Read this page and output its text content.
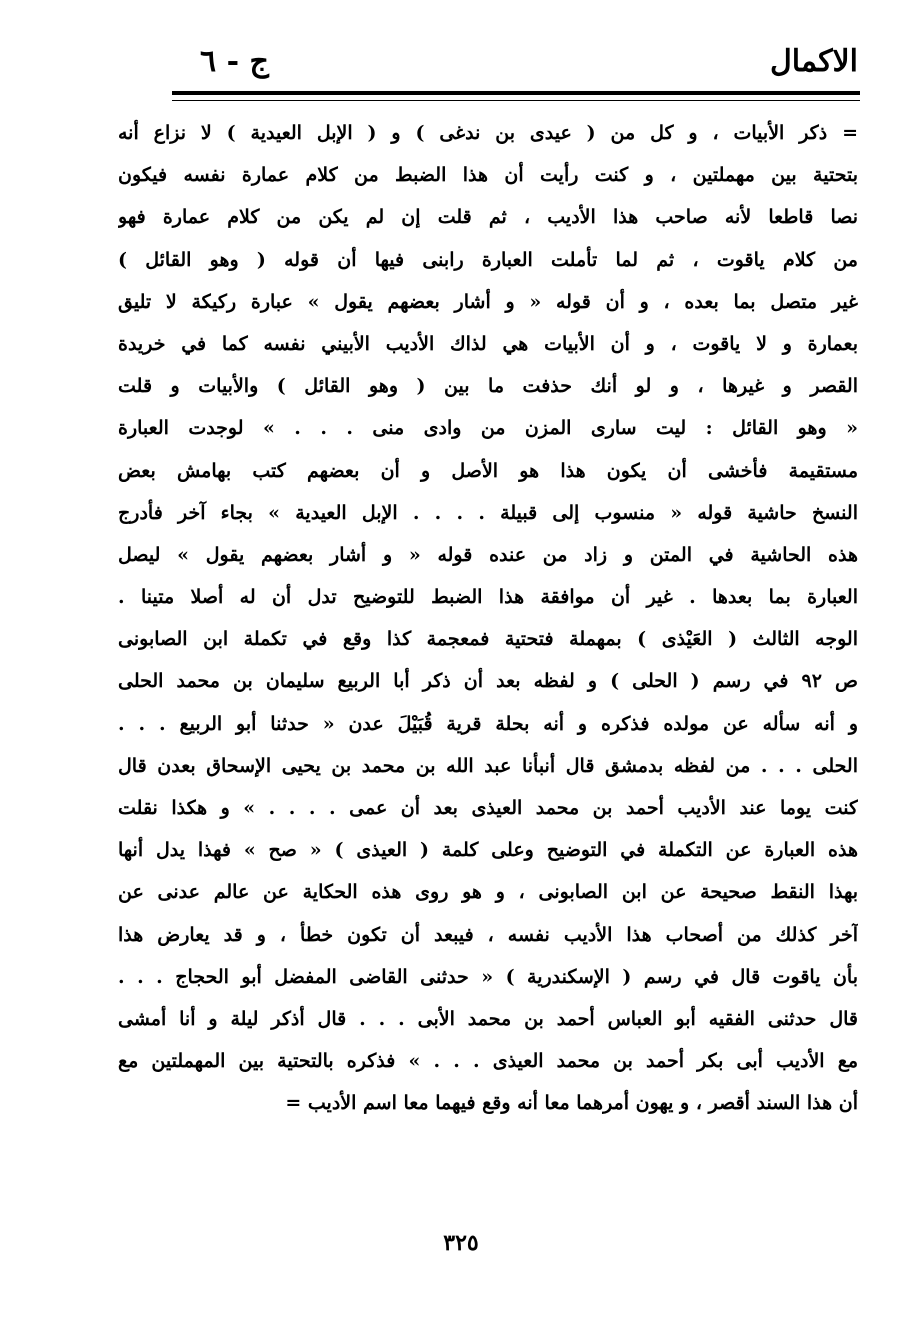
الاكمال
ج - ٦
= ذكر الأبيات ، و كل من ( عيدى بن ندغى ) و ( الإبل العيدية ) لا نزاع أنه
بتحتية بين مهملتين ، و كنت رأيت أن هذا الضبط من كلام عمارة نفسه فيكون
نصا قاطعا لأنه صاحب هذا الأديب ، ثم قلت إن لم يكن من كلام عمارة فهو
من كلام ياقوت ، ثم لما تأملت العبارة رابنى فيها أن قوله ( وهو القائل )
غير متصل بما بعده ، و أن قوله « و أشار بعضهم يقول » عبارة ركيكة لا تليق
بعمارة و لا ياقوت ، و أن الأبيات هي لذاك الأديب الأبيني نفسه كما في خريدة
القصر و غيرها ، و لو أنك حذفت ما بين ( وهو القائل ) والأبيات و قلت
« وهو القائل : ليت سارى المزن من وادى منى . . . » لوجدت العبارة
مستقيمة فأخشى أن يكون هذا هو الأصل و أن بعضهم كتب بهامش بعض
النسخ حاشية قوله « منسوب إلى قبيلة . . . . الإبل العيدية » بجاء آخر فأدرج
هذه الحاشية في المتن و زاد من عنده قوله « و أشار بعضهم يقول » ليصل
العبارة بما بعدها . غير أن موافقة هذا الضبط للتوضيح تدل أن له أصلا متينا .
الوجه الثالث ( العَيْذى ) بمهملة فتحتية فمعجمة كذا وقع في تكملة ابن الصابونى
ص ٩٢ في رسم ( الحلى ) و لفظه بعد أن ذكر أبا الربيع سليمان بن محمد الحلى
و أنه سأله عن مولده فذكره و أنه بحلة قرية قُبَيْلَ عدن « حدثنا أبو الربيع . . .
الحلى . . . من لفظه بدمشق قال أنبأنا عبد الله بن محمد بن يحيى الإسحاق بعدن قال
كنت يوما عند الأديب أحمد بن محمد العيذى بعد أن عمى . . . . » و هكذا نقلت
هذه العبارة عن التكملة في التوضيح وعلى كلمة ( العيذى ) « صح » فهذا يدل أنها
بهذا النقط صحيحة عن ابن الصابونى ، و هو روى هذه الحكاية عن عالم عدنى عن
آخر كذلك من أصحاب هذا الأديب نفسه ، فيبعد أن تكون خطأ ، و قد يعارض هذا
بأن ياقوت قال في رسم ( الإسكندرية ) « حدثنى القاضى المفضل أبو الحجاج . . .
قال حدثنى الفقيه أبو العباس أحمد بن محمد الأبى . . . قال أذكر ليلة و أنا أمشى
مع الأديب أبى بكر أحمد بن محمد العيذى . . . » فذكره بالتحتية بين المهملتين مع
أن هذا السند أقصر ، و يهون أمرهما معا أنه وقع فيهما معا اسم الأديب =
٣٢٥
